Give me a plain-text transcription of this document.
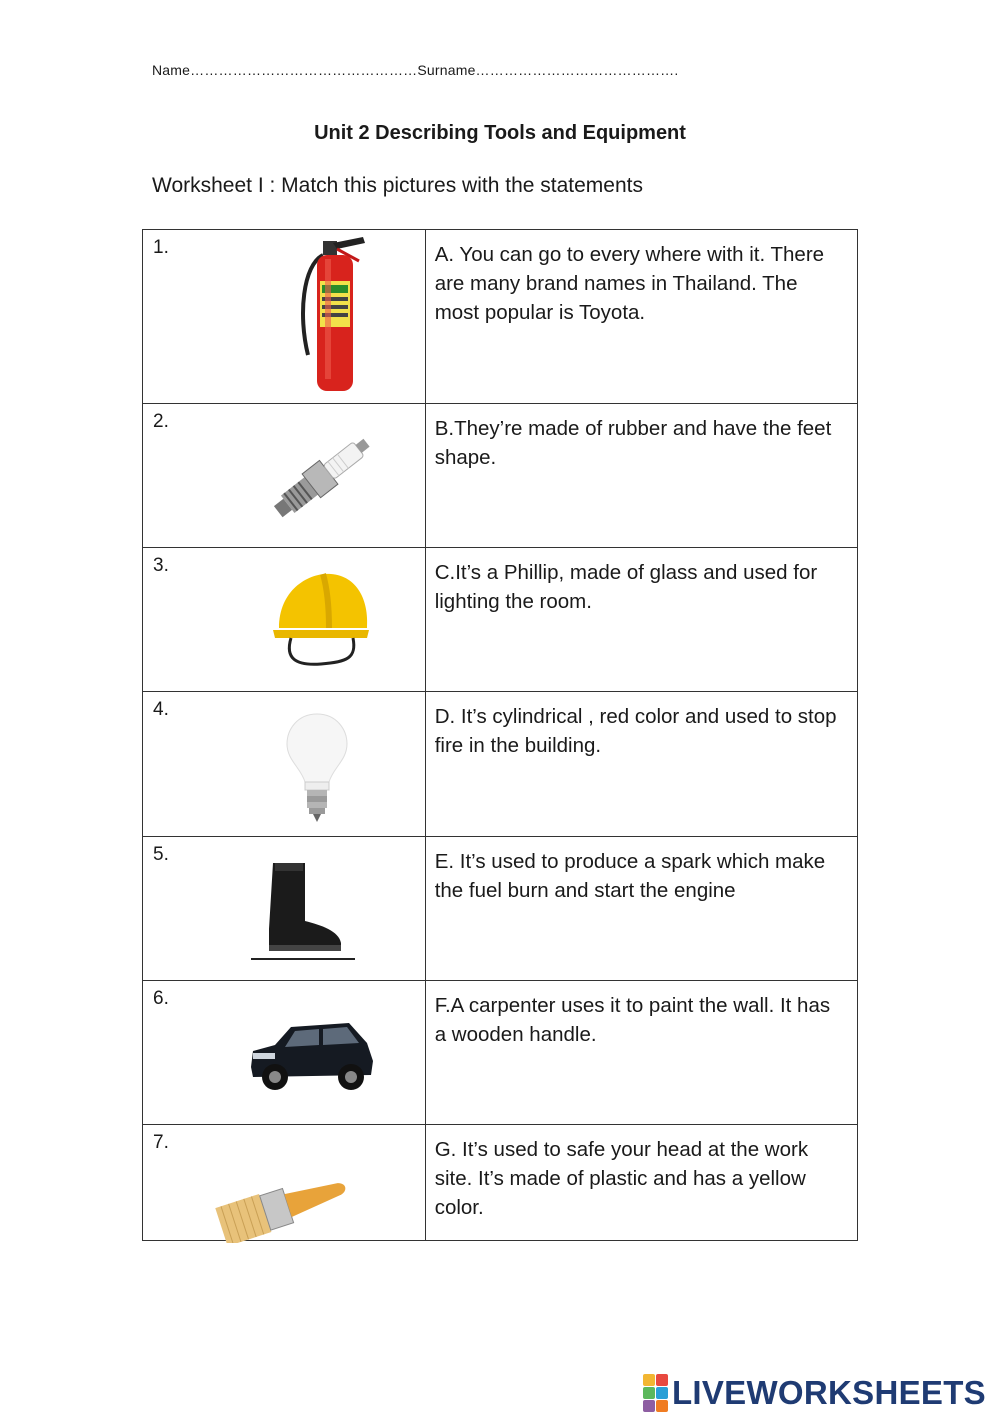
Name…………………………………………Surname…………………………………….
Unit 2 Describing Tools and Equipment
Worksheet I : Match this pictures with the statements
1.	A. You can go to every where with it. There are many brand names in Thailand. The most popular is Toyota.

2.	B.They’re made of rubber and have the feet shape.

3.	C.It’s a Phillip, made of glass and used for lighting the room.

4.	D. It’s cylindrical , red color and used to stop fire in the building.

5.	E. It’s used to produce a spark which make the fuel burn and start the engine

6.	F.A carpenter uses it to paint the wall. It has a wooden handle.

7.	G. It’s used to safe your head at the work site. It’s made of plastic and has a yellow color.
LIVEWORKSHEETS
